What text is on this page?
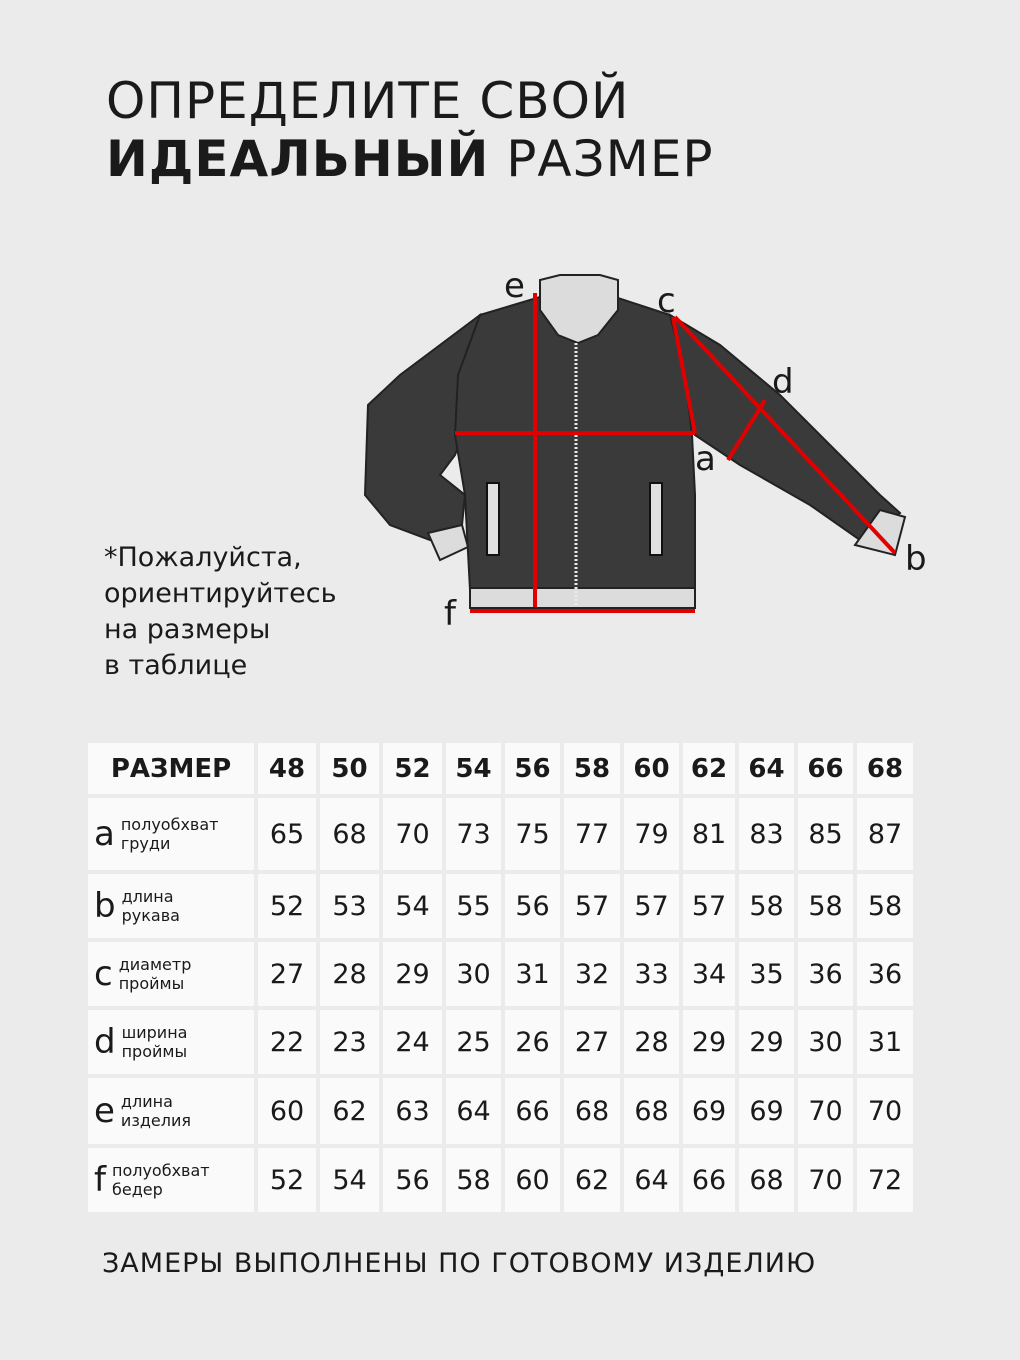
ОПРЕДЕЛИТЕ СВОЙ
ИДЕАЛЬНЫЙ РАЗМЕР
*Пожалуйста,
ориентируйтесь
на размеры
в таблице
a
b
c
d
e
f
РАЗМЕР	48	50	52 54 56 58 60 62 64 66 68
a полуобхват
груди	65	68	70 73 75 77 79 81 83 85 87
b длина
рукава	52	53	54 55 56 57 57 57 58 58 58
c диаметр
проймы	27	28	29 30 31 32 33 34 35 36 36
d ширина
проймы	22	23	24 25 26 27 28 29 29 30 31
e длина
изделия	60	62	63 64 66 68 68 69 69 70 70
f полуобхват
бедер	52	54	56 58 60 62 64 66 68 70 72
ЗАМЕРЫ ВЫПОЛНЕНЫ ПО ГОТОВОМУ ИЗДЕЛИЮ
